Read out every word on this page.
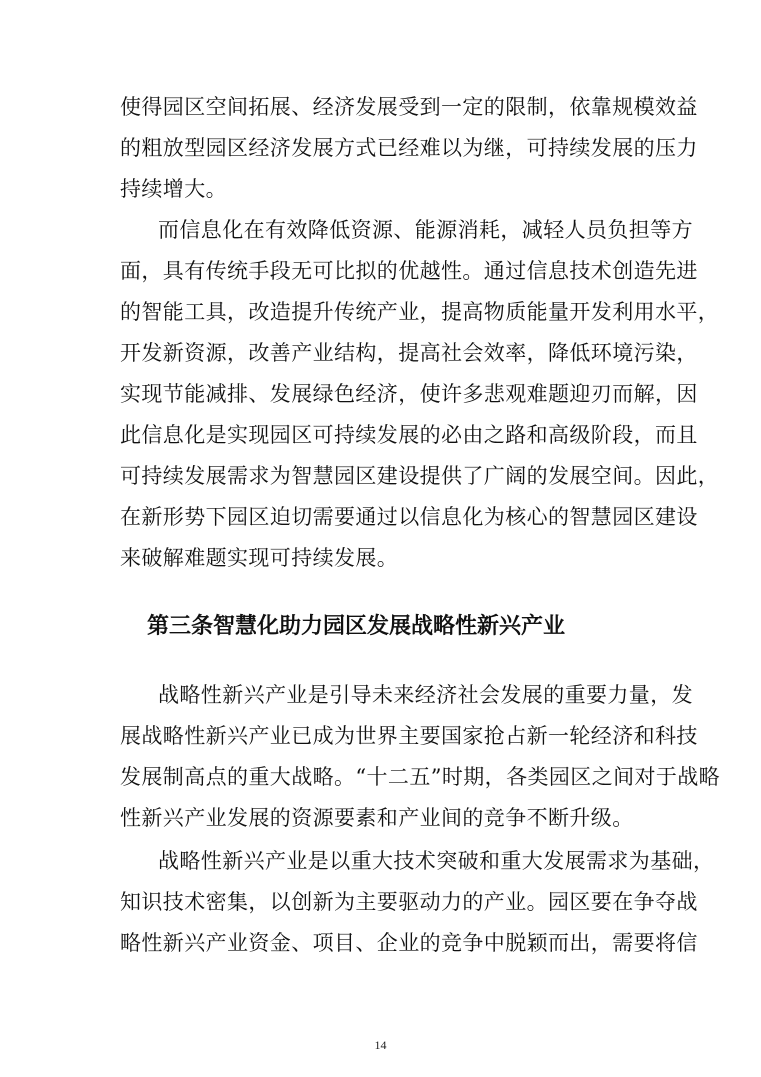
使得园区空间拓展、经济发展受到一定的限制，依靠规模效益
的粗放型园区经济发展方式已经难以为继，可持续发展的压力
持续增大。
而信息化在有效降低资源、能源消耗，减轻人员负担等方
面，具有传统手段无可比拟的优越性。通过信息技术创造先进
的智能工具，改造提升传统产业，提高物质能量开发利用水平，
开发新资源，改善产业结构，提高社会效率，降低环境污染，
实现节能减排、发展绿色经济，使许多悲观难题迎刃而解，因
此信息化是实现园区可持续发展的必由之路和高级阶段，而且
可持续发展需求为智慧园区建设提供了广阔的发展空间。因此，
在新形势下园区迫切需要通过以信息化为核心的智慧园区建设
来破解难题实现可持续发展。
第三条智慧化助力园区发展战略性新兴产业
战略性新兴产业是引导未来经济社会发展的重要力量，发
展战略性新兴产业已成为世界主要国家抢占新一轮经济和科技
发展制高点的重大战略。“十二五”时期，各类园区之间对于战略
性新兴产业发展的资源要素和产业间的竞争不断升级。
战略性新兴产业是以重大技术突破和重大发展需求为基础，
知识技术密集，以创新为主要驱动力的产业。园区要在争夺战
略性新兴产业资金、项目、企业的竞争中脱颖而出，需要将信
14
